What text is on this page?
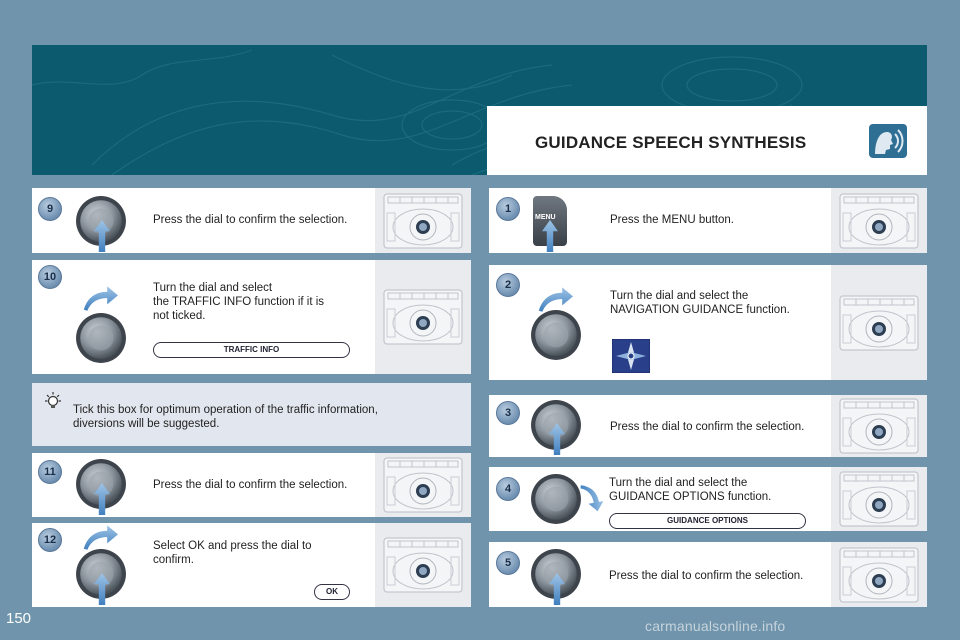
GUIDANCE SPEECH SYNTHESIS
9
Press the dial to confirm the selection.
10
Turn the dial and select
the TRAFFIC INFO function if it is
not ticked.
TRAFFIC INFO
Tick this box for optimum operation of the traffic information,
diversions will be suggested.
11
Press the dial to confirm the selection.
12	Select OK and press the dial to
confirm.
OK
1
MENU	Press the MENU button.
2
Turn the dial and select the
NAVIGATION GUIDANCE function.
3
Press the dial to confirm the selection.
4	Turn the dial and select the
GUIDANCE OPTIONS function.
GUIDANCE OPTIONS
5
Press the dial to confirm the selection.
150	carmanualsonline.info
